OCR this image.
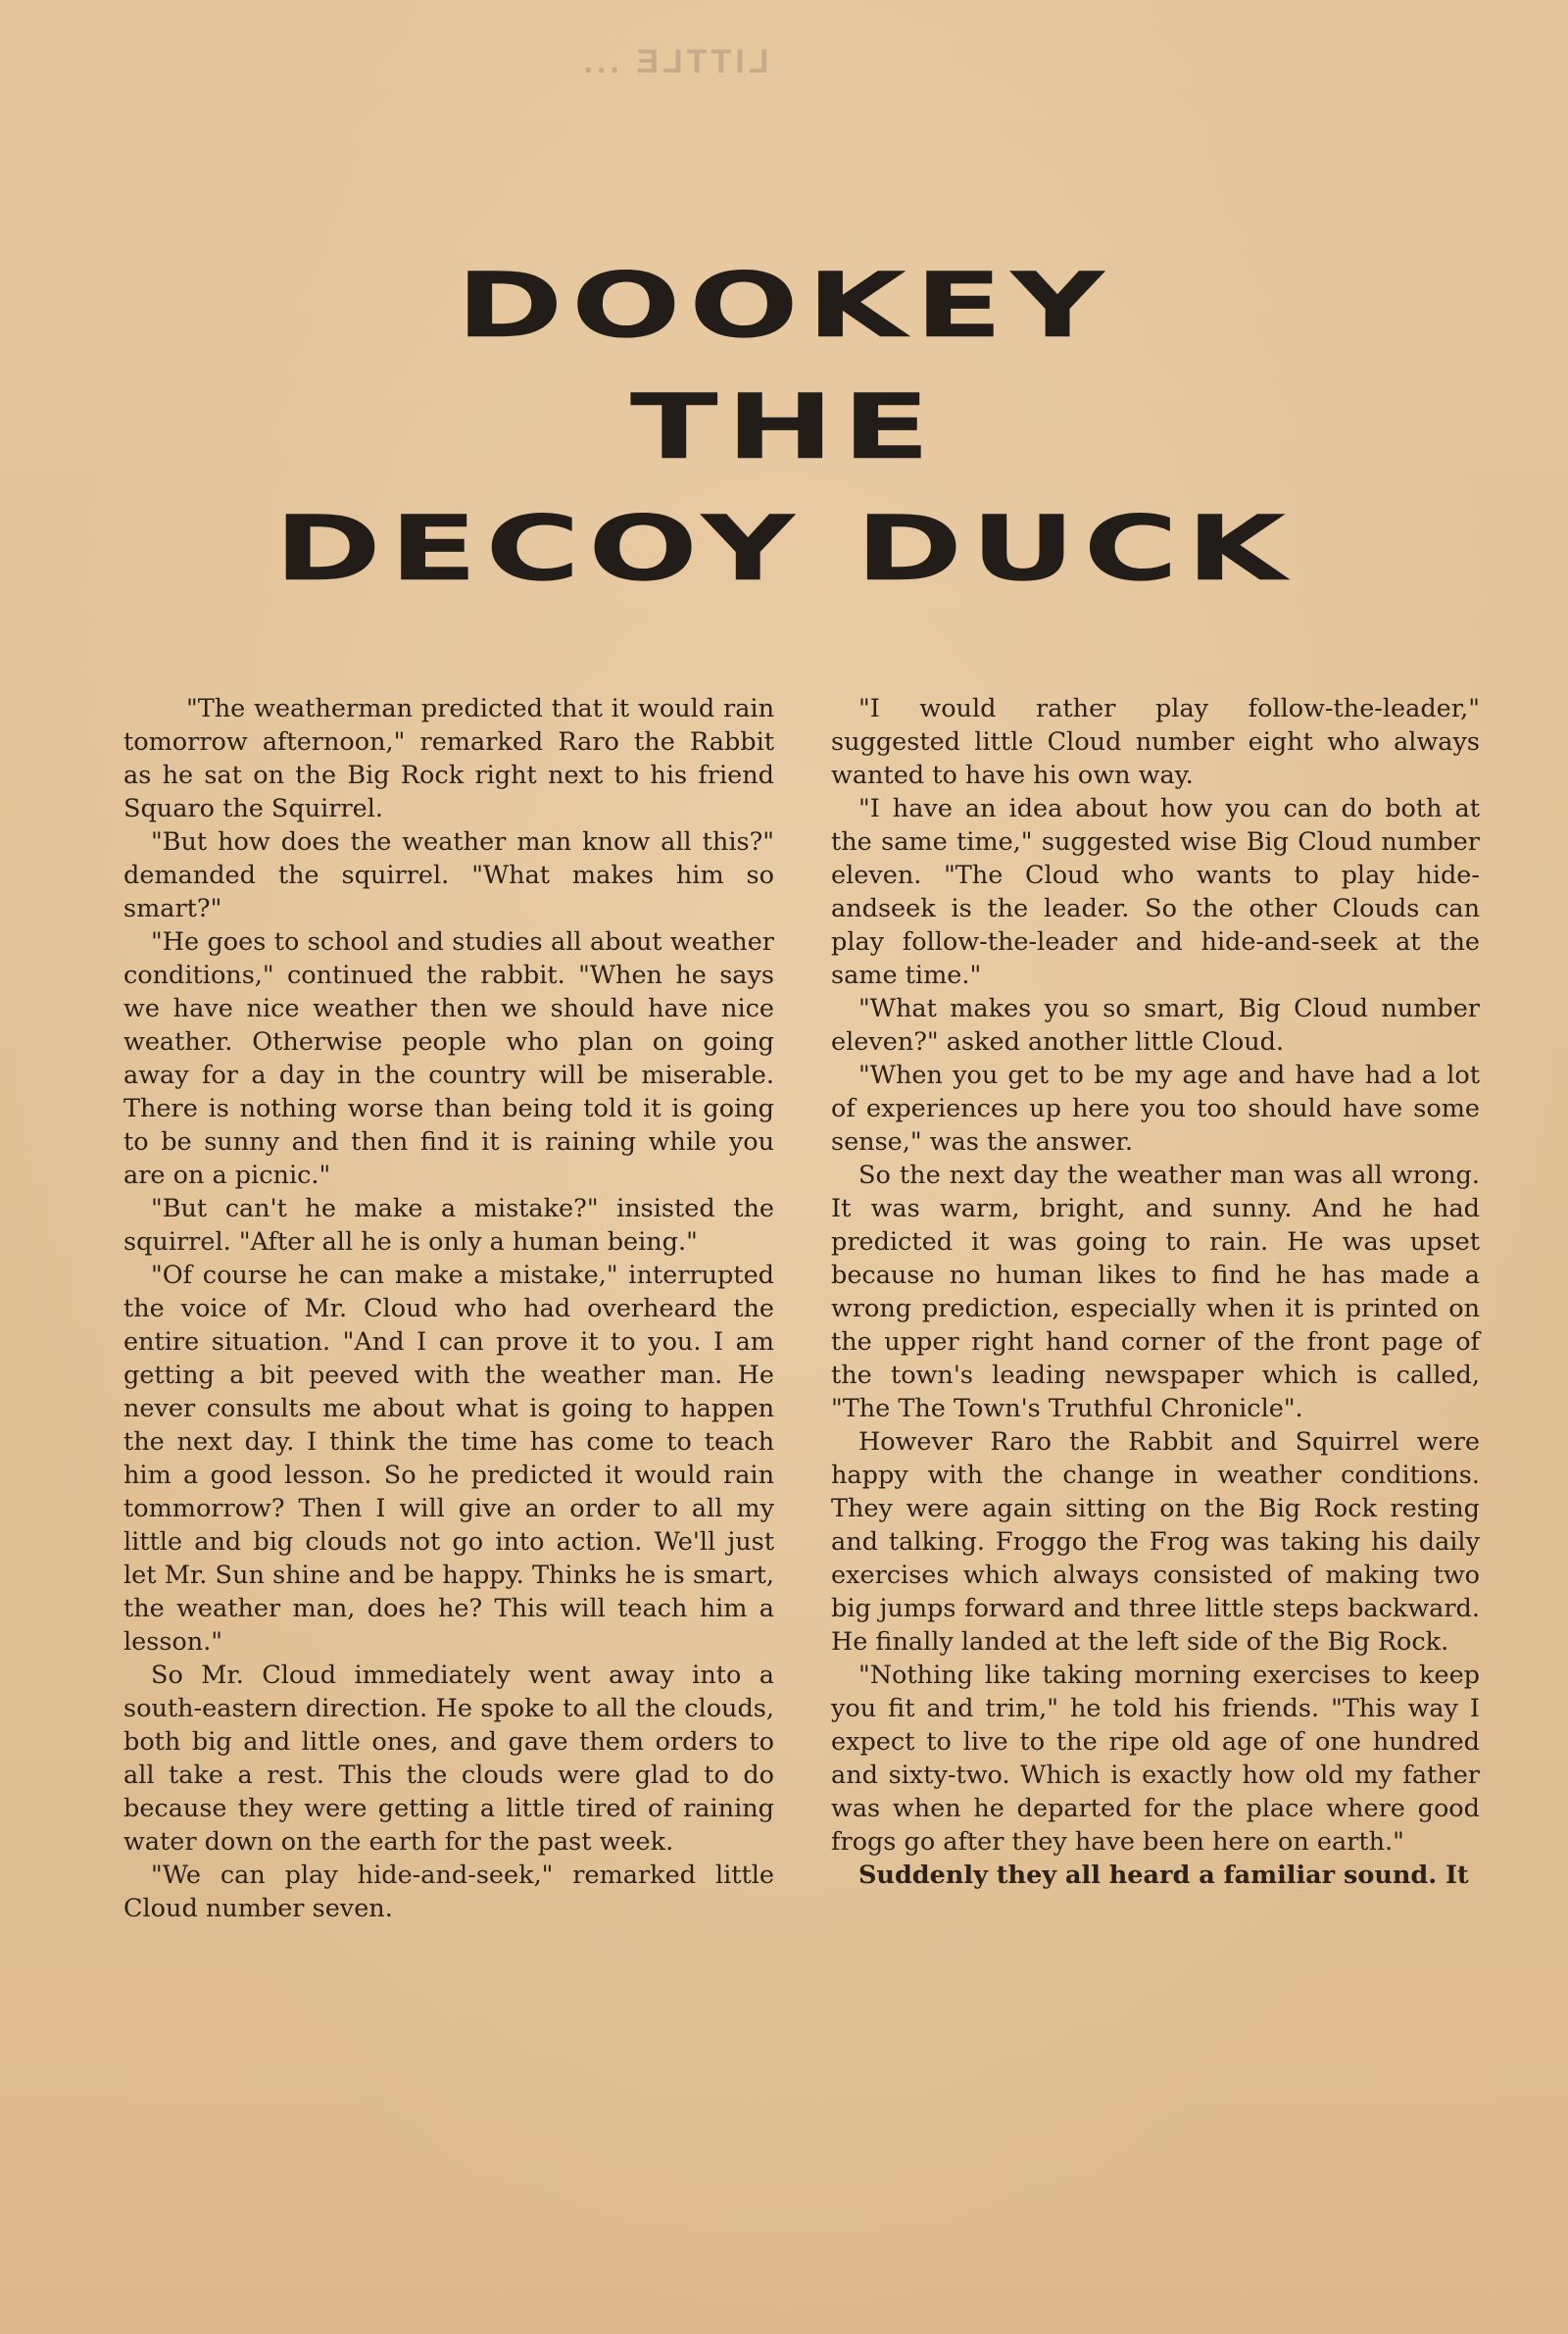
LITTLE ...
DOOKEY
THE
DECOY DUCK

"The weatherman predicted that it would rain tomorrow afternoon," remarked Raro the Rabbit as he sat on the Big Rock right next to his friend Squaro the Squirrel.

"But how does the weather man know all this?" demanded the squirrel. "What makes him so smart?"

"He goes to school and studies all about weather conditions," continued the rabbit. "When he says we have nice weather then we should have nice weather. Otherwise people who plan on going away for a day in the country will be miserable. There is nothing worse than being told it is going to be sunny and then find it is raining while you are on a picnic."

"But can't he make a mistake?" insisted the squirrel. "After all he is only a human being."

"Of course he can make a mistake," interrupted the voice of Mr. Cloud who had overheard the entire situation. "And I can prove it to you. I am getting a bit peeved with the weather man. He never consults me about what is going to happen the next day. I think the time has come to teach him a good lesson. So he predicted it would rain tommorrow? Then I will give an order to all my little and big clouds not go into action. We'll just let Mr. Sun shine and be happy. Thinks he is smart, the weather man, does he? This will teach him a lesson."

So Mr. Cloud immediately went away into a south-eastern direction. He spoke to all the clouds, both big and little ones, and gave them orders to all take a rest. This the clouds were glad to do because they were getting a little tired of raining water down on the earth for the past week.

"We can play hide-and-seek," remarked little Cloud number seven.

"I would rather play follow-the-leader," suggested little Cloud number eight who always wanted to have his own way.

"I have an idea about how you can do both at the same time," suggested wise Big Cloud number eleven. "The Cloud who wants to play hide-andseek is the leader. So the other Clouds can play follow-the-leader and hide-and-seek at the same time."

"What makes you so smart, Big Cloud number eleven?" asked another little Cloud.

"When you get to be my age and have had a lot of experiences up here you too should have some sense," was the answer.

So the next day the weather man was all wrong. It was warm, bright, and sunny. And he had predicted it was going to rain. He was upset because no human likes to find he has made a wrong prediction, especially when it is printed on the upper right hand corner of the front page of the town's leading newspaper which is called, "The The Town's Truthful Chronicle".

However Raro the Rabbit and Squirrel were happy with the change in weather conditions. They were again sitting on the Big Rock resting and talking. Froggo the Frog was taking his daily exercises which always consisted of making two big jumps forward and three little steps backward. He finally landed at the left side of the Big Rock.

"Nothing like taking morning exercises to keep you fit and trim," he told his friends. "This way I expect to live to the ripe old age of one hundred and sixty-two. Which is exactly how old my father was when he departed for the place where good frogs go after they have been here on earth."

Suddenly they all heard a familiar sound. It
